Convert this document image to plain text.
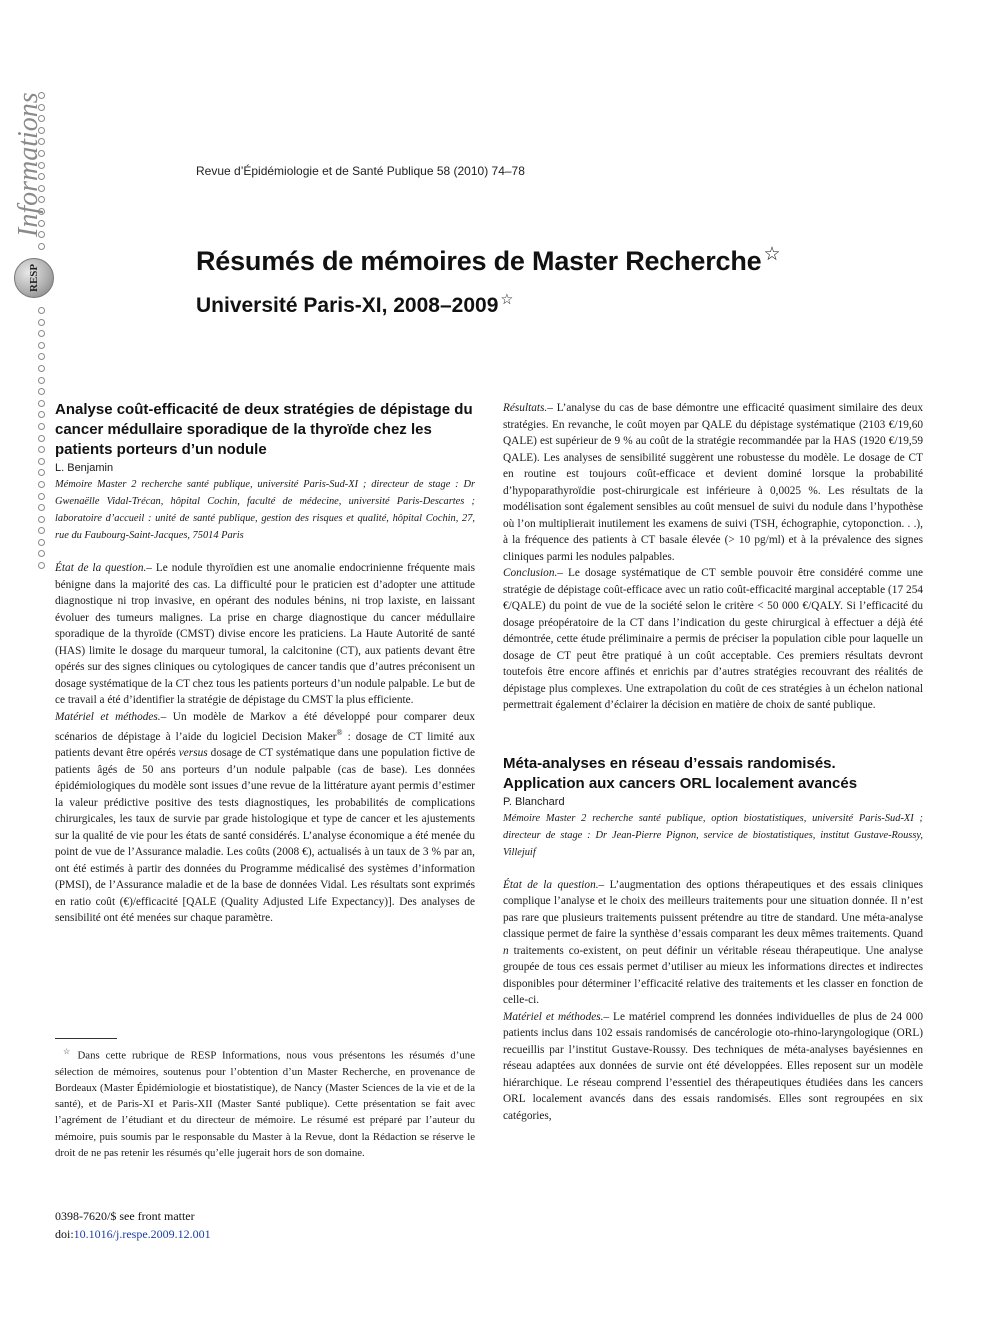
Informations
RESP
Revue d’Épidémiologie et de Santé Publique 58 (2010) 74–78
Résumés de mémoires de Master Recherche ☆
Université Paris-XI, 2008–2009 ☆
Analyse coût-efficacité de deux stratégies de dépistage du cancer médullaire sporadique de la thyroïde chez les patients porteurs d’un nodule
L. Benjamin
Mémoire Master 2 recherche santé publique, université Paris-Sud-XI ; directeur de stage : Dr Gwenaëlle Vidal-Trécan, hôpital Cochin, faculté de médecine, université Paris-Descartes ; laboratoire d’accueil : unité de santé publique, gestion des risques et qualité, hôpital Cochin, 27, rue du Faubourg-Saint-Jacques, 75014 Paris

État de la question.– Le nodule thyroïdien est une anomalie endocrinienne fréquente mais bénigne dans la majorité des cas. La difficulté pour le praticien est d’adopter une attitude diagnostique ni trop invasive, en opérant des nodules bénins, ni trop laxiste, en laissant évoluer des tumeurs malignes. La prise en charge diagnostique du cancer médullaire sporadique de la thyroïde (CMST) divise encore les praticiens. La Haute Autorité de santé (HAS) limite le dosage du marqueur tumoral, la calcitonine (CT), aux patients devant être opérés sur des signes cliniques ou cytologiques de cancer tandis que d’autres préconisent un dosage systématique de la CT chez tous les patients porteurs d’un nodule palpable. Le but de ce travail a été d’identifier la stratégie de dépistage du CMST la plus efficiente.

Matériel et méthodes.– Un modèle de Markov a été développé pour comparer deux scénarios de dépistage à l’aide du logiciel Decision Maker® : dosage de CT limité aux patients devant être opérés versus dosage de CT systématique dans une population fictive de patients âgés de 50 ans porteurs d’un nodule palpable (cas de base). Les données épidémiologiques du modèle sont issues d’une revue de la littérature ayant permis d’estimer la valeur prédictive positive des tests diagnostiques, les probabilités de complications chirurgicales, les taux de survie par grade histologique et type de cancer et les ajustements sur la qualité de vie pour les états de santé considérés. L’analyse économique a été menée du point de vue de l’Assurance maladie. Les coûts (2008 €), actualisés à un taux de 3 % par an, ont été estimés à partir des données du Programme médicalisé des systèmes d’information (PMSI), de l’Assurance maladie et de la base de données Vidal. Les résultats sont exprimés en ratio coût (€)/efficacité [QALE (Quality Adjusted Life Expectancy)]. Des analyses de sensibilité ont été menées sur chaque paramètre.

Résultats.– L’analyse du cas de base démontre une efficacité quasiment similaire des deux stratégies. En revanche, le coût moyen par QALE du dépistage systématique (2103 €/19,60 QALE) est supérieur de 9 % au coût de la stratégie recommandée par la HAS (1920 €/19,59 QALE). Les analyses de sensibilité suggèrent une robustesse du modèle. Le dosage de CT en routine est toujours coût-efficace et devient dominé lorsque la probabilité d’hypoparathyroïdie post-chirurgicale est inférieure à 0,0025 %. Les résultats de la modélisation sont également sensibles au coût mensuel de suivi du nodule dans l’hypothèse où l’on multiplierait inutilement les examens de suivi (TSH, échographie, cytoponction. . .), à la fréquence des patients à CT basale élevée (> 10 pg/ml) et à la prévalence des signes cliniques parmi les nodules palpables.

Conclusion.– Le dosage systématique de CT semble pouvoir être considéré comme une stratégie de dépistage coût-efficace avec un ratio coût-efficacité marginal acceptable (17 254 €/QALE) du point de vue de la société selon le critère < 50 000 €/QALY. Si l’efficacité du dosage préopératoire de la CT dans l’indication du geste chirurgical à effectuer a déjà été démontrée, cette étude préliminaire a permis de préciser la population cible pour laquelle un dosage de CT peut être pratiqué à un coût acceptable. Ces premiers résultats devront toutefois être encore affinés et enrichis par d’autres stratégies recouvrant des réalités de dépistage plus complexes. Une extrapolation du coût de ces stratégies à un échelon national permettrait également d’éclairer la décision en matière de choix de santé publique.

Méta-analyses en réseau d’essais randomisés.
Application aux cancers ORL localement avancés
P. Blanchard
Mémoire Master 2 recherche santé publique, option biostatistiques, université Paris-Sud-XI ; directeur de stage : Dr Jean-Pierre Pignon, service de biostatistiques, institut Gustave-Roussy, Villejuif

État de la question.– L’augmentation des options thérapeutiques et des essais cliniques complique l’analyse et le choix des meilleurs traitements pour une situation donnée. Il n’est pas rare que plusieurs traitements puissent prétendre au titre de standard. Une méta-analyse classique permet de faire la synthèse d’essais comparant les deux mêmes traitements. Quand n traitements co-existent, on peut définir un véritable réseau thérapeutique. Une analyse groupée de tous ces essais permet d’utiliser au mieux les informations directes et indirectes disponibles pour déterminer l’efficacité relative des traitements et les classer en fonction de celle-ci.

Matériel et méthodes.– Le matériel comprend les données individuelles de plus de 24 000 patients inclus dans 102 essais randomisés de cancérologie oto-rhino-laryngologique (ORL) recueillis par l’institut Gustave-Roussy. Des techniques de méta-analyses bayésiennes en réseau adaptées aux données de survie ont été développées. Elles reposent sur un modèle hiérarchique. Le réseau comprend l’essentiel des thérapeutiques étudiées dans les cancers ORL localement avancés dans des essais randomisés. Elles sont regroupées en six catégories,

☆ Dans cette rubrique de RESP Informations, nous vous présentons les résumés d’une sélection de mémoires, soutenus pour l’obtention d’un Master Recherche, en provenance de Bordeaux (Master Épidémiologie et biostatistique), de Nancy (Master Sciences de la vie et de la santé), et de Paris-XI et Paris-XII (Master Santé publique). Cette présentation se fait avec l’agrément de l’étudiant et du directeur de mémoire. Le résumé est préparé par l’auteur du mémoire, puis soumis par le responsable du Master à la Revue, dont la Rédaction se réserve le droit de ne pas retenir les résumés qu’elle jugerait hors de son domaine.
0398-7620/$ see front matter
doi:10.1016/j.respe.2009.12.001
